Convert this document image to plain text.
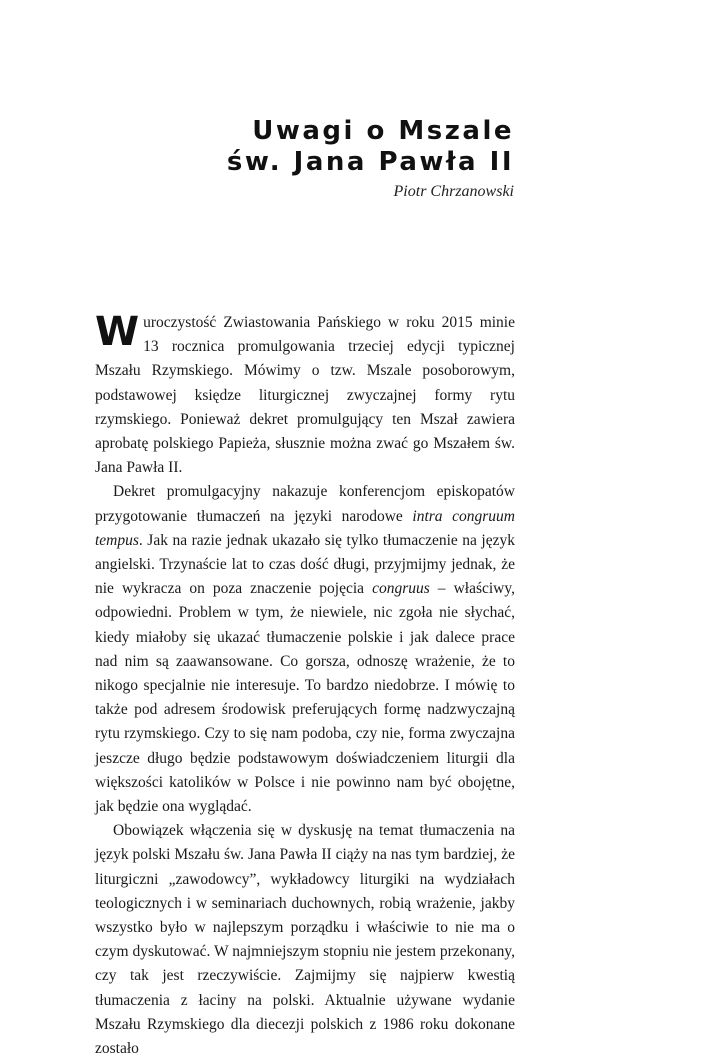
Uwagi o Mszale

św. Jana Pawła II

Piotr Chrzanowski

W uroczystość Zwiastowania Pańskiego w roku 2015 minie 13 rocznica promulgowania trzeciej edycji typicznej Mszału Rzymskiego. Mówimy o tzw. Mszale posoborowym, podstawowej księdze liturgicznej zwyczajnej formy rytu rzymskiego. Ponieważ dekret promulgujący ten Mszał zawiera aprobatę polskiego Papieża, słusznie można zwać go Mszałem św. Jana Pawła II.

Dekret promulgacyjny nakazuje konferencjom episkopatów przygotowanie tłumaczeń na języki narodowe intra congruum tempus. Jak na razie jednak ukazało się tylko tłumaczenie na język angielski. Trzynaście lat to czas dość długi, przyjmijmy jednak, że nie wykracza on poza znaczenie pojęcia congruus – właściwy, odpowiedni. Problem w tym, że niewiele, nic zgoła nie słychać, kiedy miałoby się ukazać tłumaczenie polskie i jak dalece prace nad nim są zaawansowane. Co gorsza, odnoszę wrażenie, że to nikogo specjalnie nie interesuje. To bardzo niedobrze. I mówię to także pod adresem środowisk preferujących formę nadzwyczajną rytu rzymskiego. Czy to się nam podoba, czy nie, forma zwyczajna jeszcze długo będzie podstawowym doświadczeniem liturgii dla większości katolików w Polsce i nie powinno nam być obojętne, jak będzie ona wyglądać.

Obowiązek włączenia się w dyskusję na temat tłumaczenia na język polski Mszału św. Jana Pawła II ciąży na nas tym bardziej, że liturgiczni „zawodowcy”, wykładowcy liturgiki na wydziałach teologicznych i w seminariach duchownych, robią wrażenie, jakby wszystko było w najlepszym porządku i właściwie to nie ma o czym dyskutować. W najmniejszym stopniu nie jestem przekonany, czy tak jest rzeczywiście. Zajmijmy się najpierw kwestią tłumaczenia z łaciny na polski. Aktualnie używane wydanie Mszału Rzymskiego dla diecezji polskich z 1986 roku dokonane zostało
